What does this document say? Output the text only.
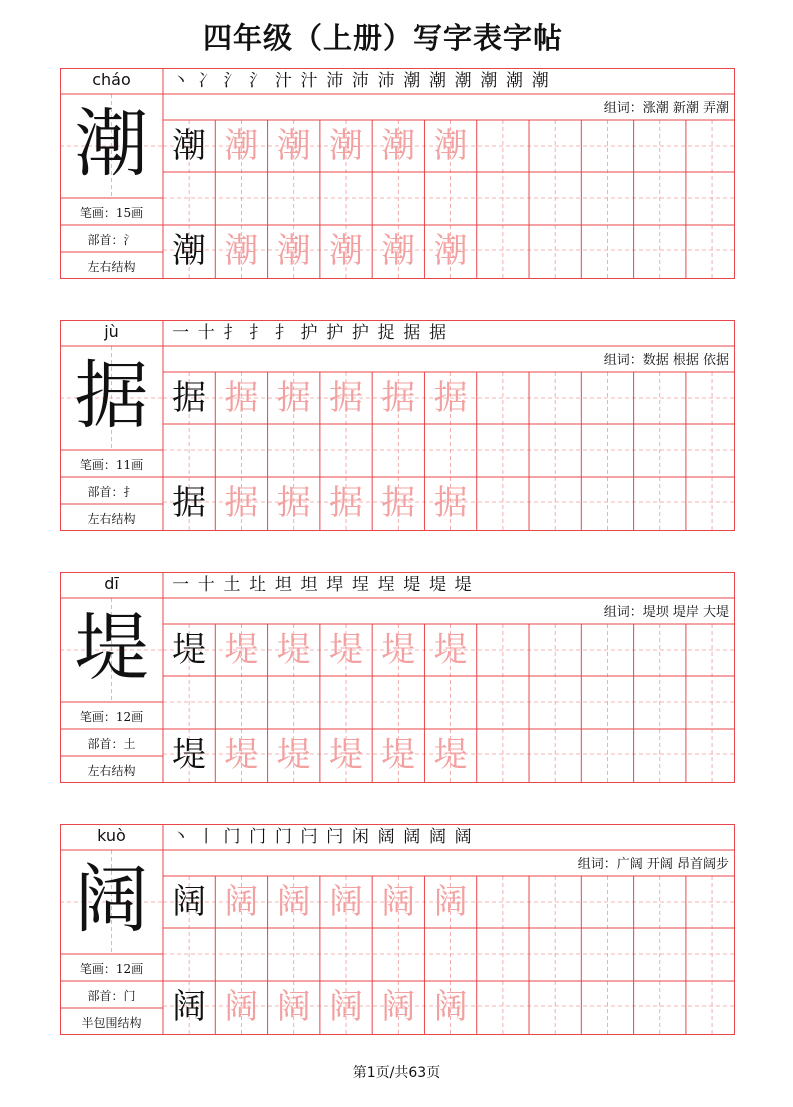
四年级（上册）写字表字帖
cháo
潮
笔画：15画
部首：氵
左右结构
丶 冫 氵 氵 汁 汁 沛 沛 沛 潮 潮 潮 潮 潮 潮
组词：涨潮 新潮 弄潮
潮 潮 潮 潮 潮 潮
潮 潮 潮 潮 潮 潮
jù
据
笔画：11画
部首：扌
左右结构
一 十 扌 扌 扌 护 护 护 捉 据 据
组词：数据 根据 依据
据 据 据 据 据 据
据 据 据 据 据 据
dī
堤
笔画：12画
部首：土
左右结构
一 十 土 圵 坦 坦 垾 埕 埕 堤 堤 堤
组词：堤坝 堤岸 大堤
堤 堤 堤 堤 堤 堤
堤 堤 堤 堤 堤 堤
kuò
阔
笔画：12画
部首：门
半包围结构
丶 丨 门 门 门 闩 闩 闲 阔 阔 阔 阔
组词：广阔 开阔 昂首阔步
阔 阔 阔 阔 阔 阔
阔 阔 阔 阔 阔 阔
第1页/共63页
